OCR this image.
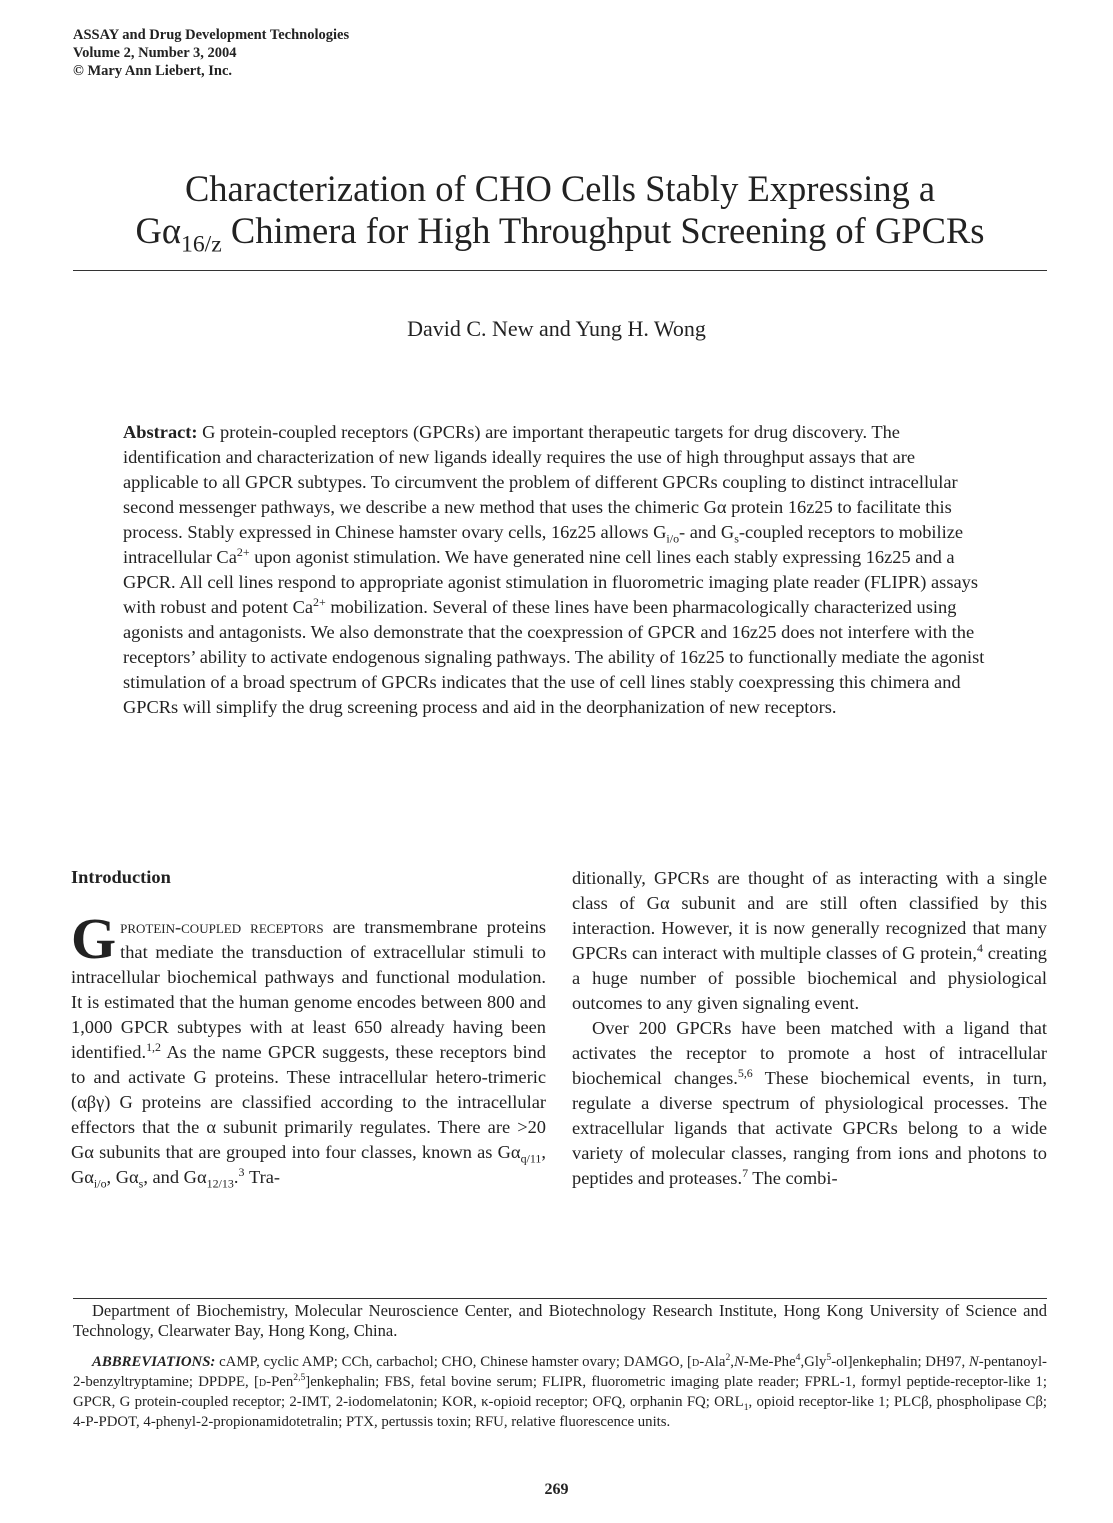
ASSAY and Drug Development Technologies
Volume 2, Number 3, 2004
© Mary Ann Liebert, Inc.
Characterization of CHO Cells Stably Expressing a
$G\alpha_{16/z}$ Chimera for High Throughput Screening of GPCRs
David C. New and Yung H. Wong
Abstract: G protein-coupled receptors (GPCRs) are important therapeutic targets for drug discovery. The identification and characterization of new ligands ideally requires the use of high throughput assays that are applicable to all GPCR subtypes. To circumvent the problem of different GPCRs coupling to distinct intracellular second messenger pathways, we describe a new method that uses the chimeric Gα protein 16z25 to facilitate this process. Stably expressed in Chinese hamster ovary cells, 16z25 allows $G_{i/o}-$ and $G_s$-coupled receptors to mobilize intracellular $Ca^{2+}$ upon agonist stimulation. We have generated nine cell lines each stably expressing 16z25 and a GPCR. All cell lines respond to appropriate agonist stimulation in fluorometric imaging plate reader (FLIPR) assays with robust and potent $Ca^{2+}$ mobilization. Several of these lines have been pharmacologically characterized using agonists and antagonists. We also demonstrate that the coexpression of GPCR and 16z25 does not interfere with the receptors’ ability to activate endogenous signaling pathways. The ability of 16z25 to functionally mediate the agonist stimulation of a broad spectrum of GPCRs indicates that the use of cell lines stably coexpressing this chimera and GPCRs will simplify the drug screening process and aid in the deorphanization of new receptors.
Introduction

Gprotein-coupled receptors are transmembrane proteins that mediate the transduction of extracellular stimuli to intracellular biochemical pathways and functional modulation. It is estimated that the human genome encodes between 800 and 1,000 GPCR subtypes with at least 650 already having been identified.$^{1,2}$ As the name GPCR suggests, these receptors bind to and activate G proteins. These intracellular hetero-trimeric (αβγ) G proteins are classified according to the intracellular effectors that the α subunit primarily regulates. There are >20 Gα subunits that are grouped into four classes, known as $G\alpha_{q/11}$, $G\alpha_{i/o}$, $G\alpha_s$, and $G\alpha_{12/13}.^3$ Tra-

ditionally, GPCRs are thought of as interacting with a single class of Gα subunit and are still often classified by this interaction. However, it is now generally recognized that many GPCRs can interact with multiple classes of G protein,$^4$ creating a huge number of possible biochemical and physiological outcomes to any given signaling event.

Over 200 GPCRs have been matched with a ligand that activates the receptor to promote a host of intracellular biochemical changes.$^{5,6}$ These biochemical events, in turn, regulate a diverse spectrum of physiological processes. The extracellular ligands that activate GPCRs belong to a wide variety of molecular classes, ranging from ions and photons to peptides and proteases.$^7$ The combi-

Department of Biochemistry, Molecular Neuroscience Center, and Biotechnology Research Institute, Hong Kong University of Science and Technology, Clearwater Bay, Hong Kong, China.
ABBREVIATIONS: cAMP, cyclic AMP; CCh, carbachol; CHO, Chinese hamster ovary; DAMGO, [d-Ala$^2$,N-Me-Phe$^4$,Gly$^5$-ol]enkephalin; DH97, N-pentanoyl-2-benzyltryptamine; DPDPE, [d-Pen$^{2,5}$]enkephalin; FBS, fetal bovine serum; FLIPR, fluorometric imaging plate reader; FPRL-1, formyl peptide-receptor-like 1; GPCR, G protein-coupled receptor; 2-IMT, 2-iodomelatonin; KOR, κ-opioid receptor; OFQ, orphanin FQ; $ORL_1$, opioid receptor-like 1; PLCβ, phospholipase Cβ; 4-P-PDOT, 4-phenyl-2-propionamidotetralin; PTX, pertussis toxin; RFU, relative fluorescence units.
269
